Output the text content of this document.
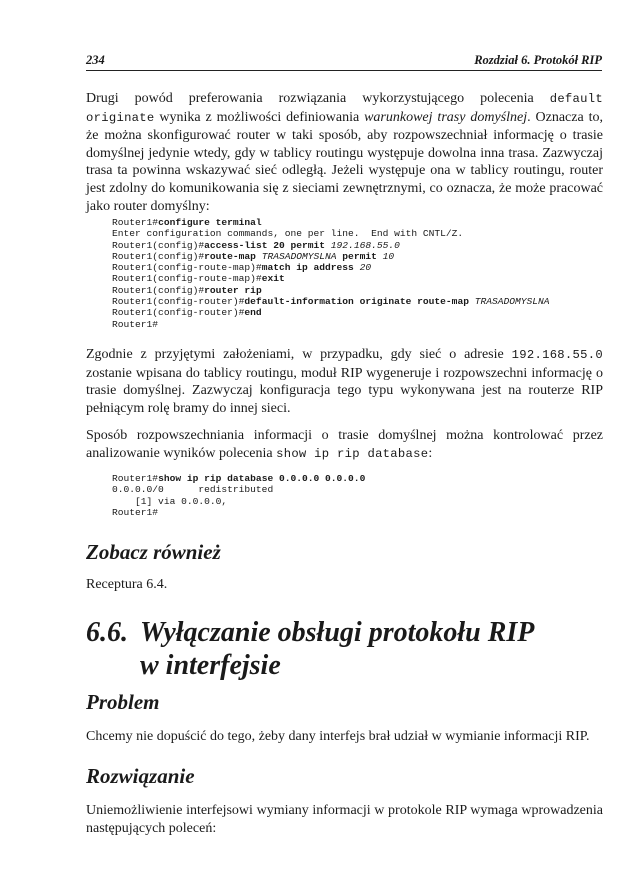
234	Rozdział 6. Protokół RIP

Drugi powód preferowania rozwiązania wykorzystującego polecenia default originate wynika z możliwości definiowania warunkowej trasy domyślnej. Oznacza to, że można skonfigurować router w taki sposób, aby rozpowszechniał informację o trasie domyślnej jedynie wtedy, gdy w tablicy routingu występuje dowolna inna trasa. Zazwyczaj trasa ta powinna wskazywać sieć odległą. Jeżeli występuje ona w tablicy routingu, router jest zdolny do komunikowania się z sieciami zewnętrznymi, co oznacza, że może pracować jako router domyślny:

Router1#configure terminal
Enter configuration commands, one per line.  End with CNTL/Z.
Router1(config)#access-list 20 permit 192.168.55.0
Router1(config)#route-map TRASADOMYSLNA permit 10
Router1(config-route-map)#match ip address 20
Router1(config-route-map)#exit
Router1(config)#router rip
Router1(config-router)#default-information originate route-map TRASADOMYSLNA
Router1(config-router)#end
Router1#

Zgodnie z przyjętymi założeniami, w przypadku, gdy sieć o adresie 192.168.55.0 zostanie wpisana do tablicy routingu, moduł RIP wygeneruje i rozpowszechni informację o trasie domyślnej. Zazwyczaj konfiguracja tego typu wykonywana jest na routerze RIP pełniącym rolę bramy do innej sieci.

Sposób rozpowszechniania informacji o trasie domyślnej można kontrolować przez analizowanie wyników polecenia show ip rip database:

Router1#show ip rip database 0.0.0.0 0.0.0.0
0.0.0.0/0      redistributed
[1] via 0.0.0.0,
Router1#
Zobacz również

Receptura 6.4.

6.6. Wyłączanie obsługi protokołu RIP
w interfejsie
Problem

Chcemy nie dopuścić do tego, żeby dany interfejs brał udział w wymianie informacji RIP.

Rozwiązanie

Uniemożliwienie interfejsowi wymiany informacji w protokole RIP wymaga wprowadzenia następujących poleceń:
